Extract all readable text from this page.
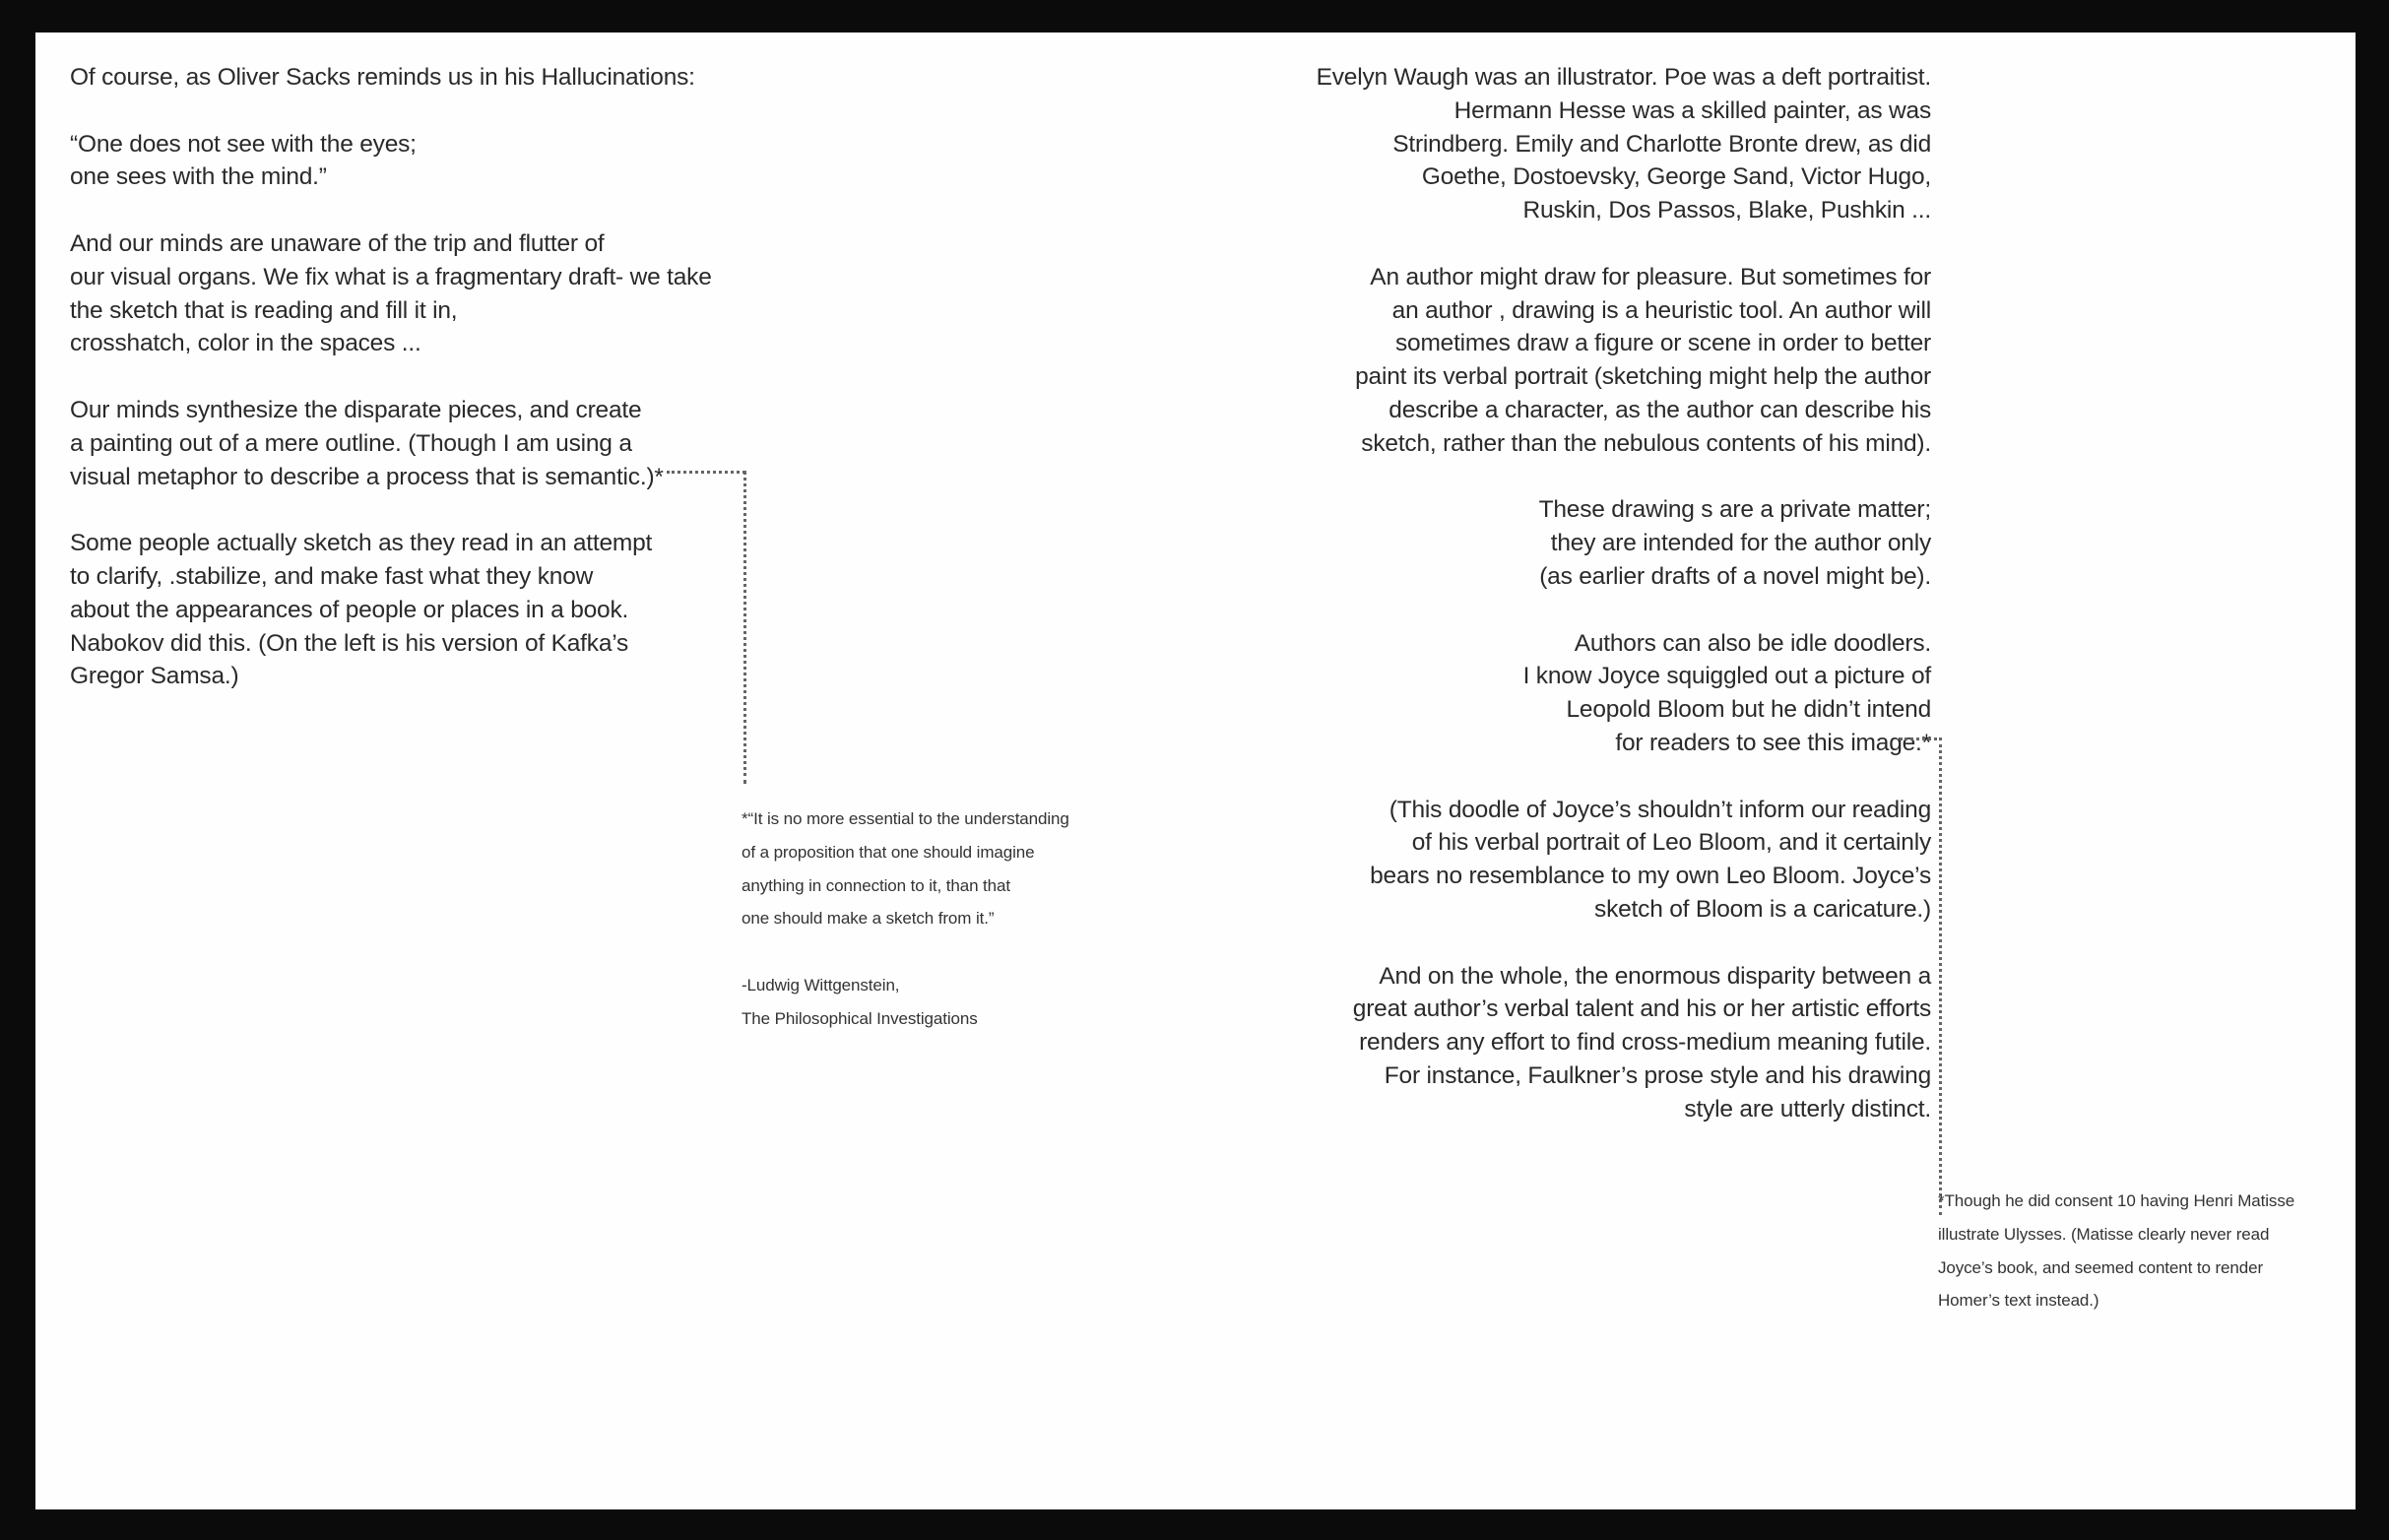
Of course, as Oliver Sacks reminds us in his Hallucinations:

“One does not see with the eyes;
one sees with the mind.”

And our minds are unaware of the trip and flutter of
our visual organs. We fix what is a fragmentary draft- we take
the sketch that is reading and fill it in,
crosshatch, color in the spaces ...

Our minds synthesize the disparate pieces, and create
a painting out of a mere outline. (Though I am using a
visual metaphor to describe a process that is semantic.)*

Some people actually sketch as they read in an attempt
to clarify, .stabilize, and make fast what they know
about the appearances of people or places in a book.
Nabokov did this. (On the left is his version of Kafka’s
Gregor Samsa.)

*“It is no more essential to the understanding
of a proposition that one should imagine
anything in connection to it, than that
one should make a sketch from it.”

-Ludwig Wittgenstein,
The Philosophical Investigations

Evelyn Waugh was an illustrator. Poe was a deft portraitist.
Hermann Hesse was a skilled painter, as was
Strindberg. Emily and Charlotte Bronte drew, as did
Goethe, Dostoevsky, George Sand, Victor Hugo,
Ruskin, Dos Passos, Blake, Pushkin ...

An author might draw for pleasure. But sometimes for
an author , drawing is a heuristic tool. An author will
sometimes draw a figure or scene in order to better
paint its verbal portrait (sketching might help the author
describe a character, as the author can describe his
sketch, rather than the nebulous contents of his mind).

These drawing s are a private matter;
they are intended for the author only
(as earlier drafts of a novel might be).

Authors can also be idle doodlers.
I know Joyce squiggled out a picture of
Leopold Bloom but he didn’t intend
for readers to see this image.*

(This doodle of Joyce’s shouldn’t inform our reading
of his verbal portrait of Leo Bloom, and it certainly
bears no resemblance to my own Leo Bloom. Joyce’s
sketch of Bloom is a caricature.)

And on the whole, the enormous disparity between a
great author’s verbal talent and his or her artistic efforts
renders any effort to find cross-medium meaning futile.
For instance, Faulkner’s prose style and his drawing
style are utterly distinct.

*Though he did consent 10 having Henri Matisse
illustrate Ulysses. (Matisse clearly never read
Joyce’s book, and seemed content to render
Homer’s text instead.)
